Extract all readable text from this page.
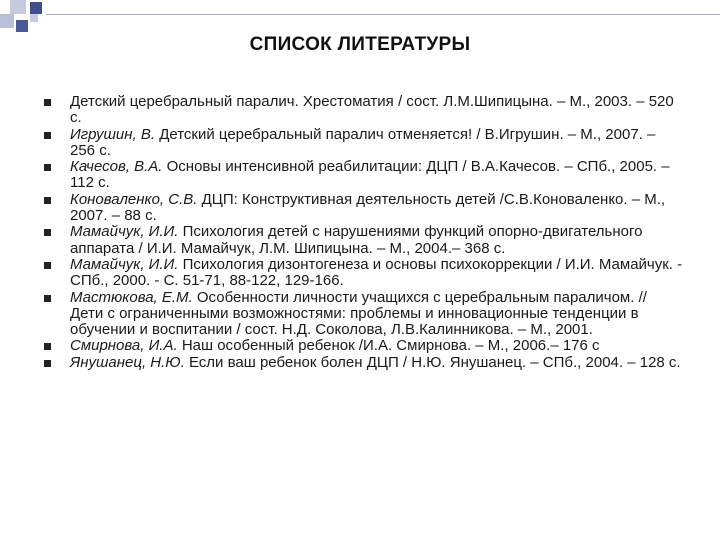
СПИСОК ЛИТЕРАТУРЫ
Детский церебральный паралич. Хрестоматия / сост. Л.М.Шипицына. – М., 2003. – 520 с.
Игрушин, В. Детский церебральный паралич отменяется! / В.Игрушин. – М., 2007. – 256 с.
Качесов, В.А. Основы интенсивной реабилитации: ДЦП / В.А.Качесов. – СПб., 2005. – 112 с.
Коноваленко, С.В. ДЦП: Конструктивная деятельность детей /С.В.Коноваленко. – М., 2007. – 88 с.
Мамайчук, И.И. Психология детей с нарушениями функций опорно-двигательного аппарата / И.И. Мамайчук, Л.М. Шипицына. – М., 2004.– 368 с.
Мамайчук, И.И. Психология дизонтогенеза и основы психокоррекции / И.И. Мамайчук. - СПб., 2000. - С. 51-71, 88-122, 129-166.
Мастюкова, Е.М. Особенности личности учащихся с церебральным параличом. // Дети с ограниченными возможностями: проблемы и инновационные тенденции в обучении и воспитании / сост. Н.Д. Соколова, Л.В.Калинникова. – М., 2001.
Смирнова, И.А. Наш особенный ребенок /И.А. Смирнова. – М., 2006.– 176 с
Янушанец, Н.Ю. Если ваш ребенок болен ДЦП / Н.Ю. Янушанец. – СПб., 2004. – 128 с.
